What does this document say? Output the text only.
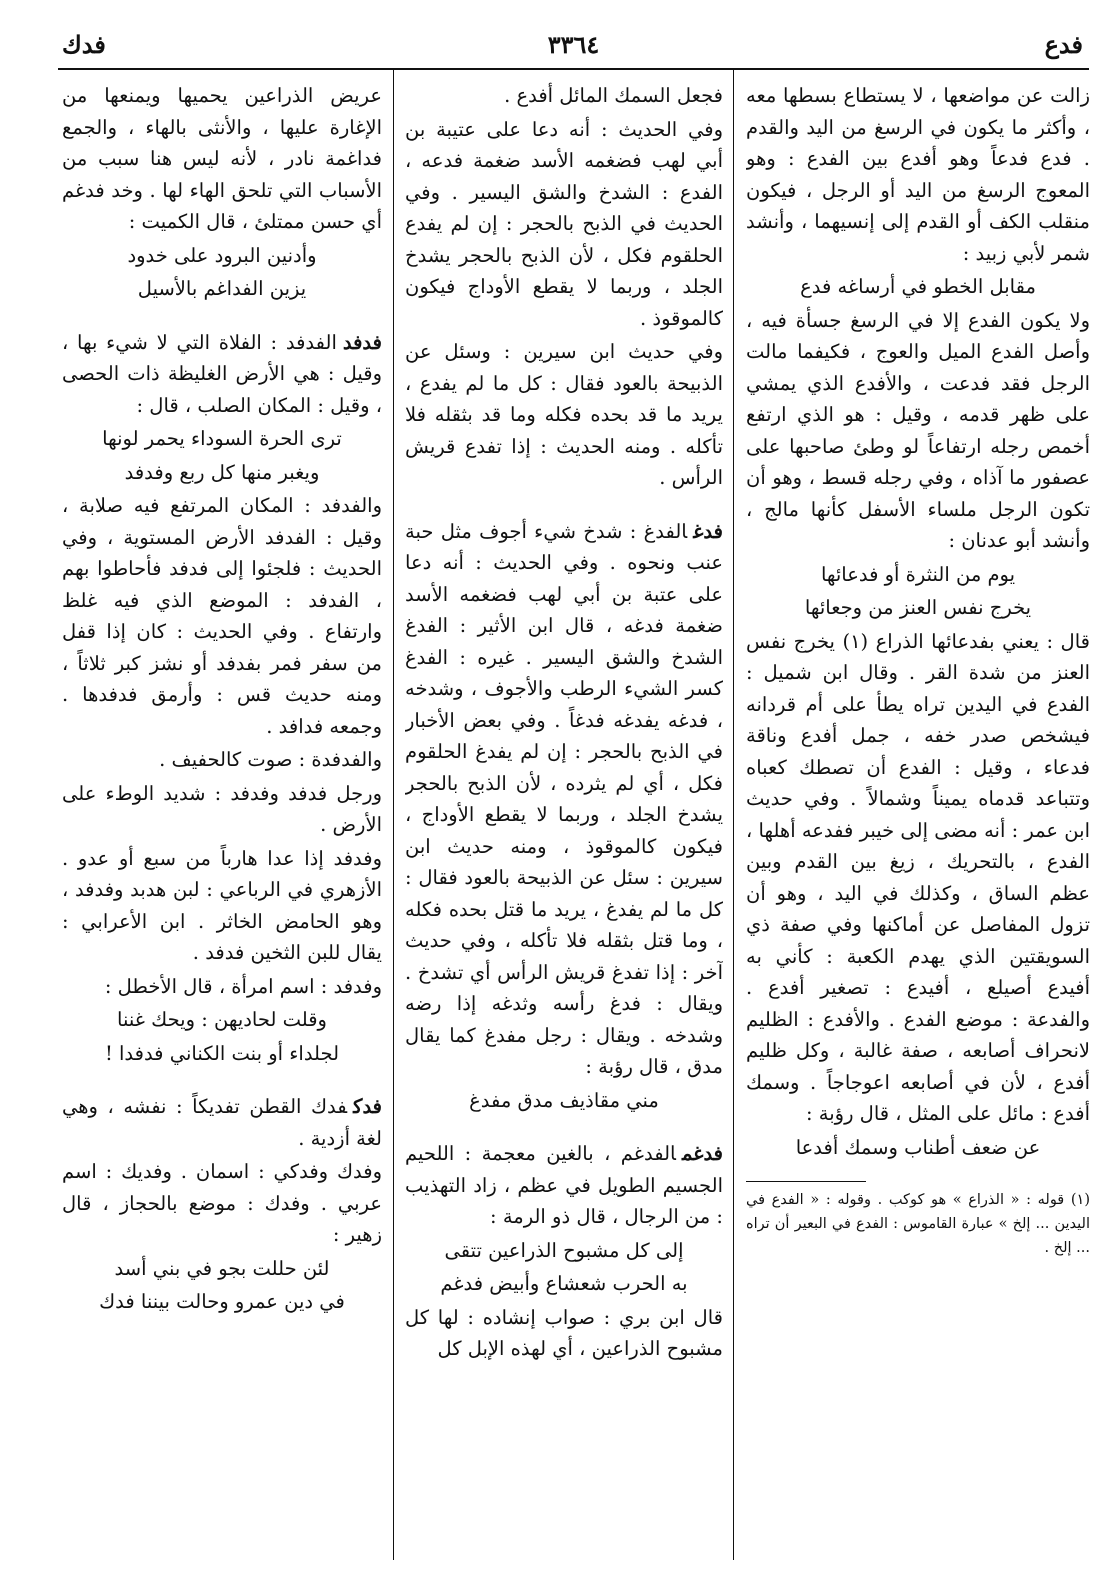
فدع
٣٣٦٤
فدك

زالت عن مواضعها ، لا يستطاع بسطها معه ، وأكثر ما يكون في الرسغ من اليد والقدم . فدع فدعاً وهو أفدع بين الفدع : وهو المعوج الرسغ من اليد أو الرجل ، فيكون منقلب الكف أو القدم إلى إنسيهما ، وأنشد شمر لأبي زبيد :

مقابل الخطو في أرساغه فدع

ولا يكون الفدع إلا في الرسغ جسأة فيه ، وأصل الفدع الميل والعوج ، فكيفما مالت الرجل فقد فدعت ، والأفدع الذي يمشي على ظهر قدمه ، وقيل : هو الذي ارتفع أخمص رجله ارتفاعاً لو وطئ صاحبها على عصفور ما آذاه ، وفي رجله قسط ، وهو أن تكون الرجل ملساء الأسفل كأنها مالج ، وأنشد أبو عدنان :

يوم من النثرة أو فدعائها

يخرج نفس العنز من وجعائها

قال : يعني بفدعائها الذراع (١) يخرج نفس العنز من شدة القر . وقال ابن شميل : الفدع في اليدين تراه يطأ على أم قردانه فيشخص صدر خفه ، جمل أفدع وناقة فدعاء ، وقيل : الفدع أن تصطك كعباه وتتباعد قدماه يميناً وشمالاً . وفي حديث ابن عمر : أنه مضى إلى خيبر ففدعه أهلها ، الفدع ، بالتحريك ، زيغ بين القدم وبين عظم الساق ، وكذلك في اليد ، وهو أن تزول المفاصل عن أماكنها وفي صفة ذي السويقتين الذي يهدم الكعبة : كأني به أفيدع أصيلع ، أفيدع : تصغير أفدع . والفدعة : موضع الفدع . والأفدع : الظليم لانحراف أصابعه ، صفة غالبة ، وكل ظليم أفدع ، لأن في أصابعه اعوجاجاً . وسمك أفدع : مائل على المثل ، قال رؤبة :

عن ضعف أطناب وسمك أفدعا

(١) قوله : « الذراع » هو كوكب . وقوله : « الفدع في اليدين ... إلخ » عبارة القاموس : الفدع في البعير أن تراه ... إلخ .

فجعل السمك المائل أفدع .

وفي الحديث : أنه دعا على عتيبة بن أبي لهب فضغمه الأسد ضغمة فدعه ، الفدع : الشدخ والشق اليسير . وفي الحديث في الذبح بالحجر : إن لم يفدع الحلقوم فكل ، لأن الذبح بالحجر يشدخ الجلد ، وربما لا يقطع الأوداج فيكون كالموقوذ .

وفي حديث ابن سيرين : وسئل عن الذبيحة بالعود فقال : كل ما لم يفدع ، يريد ما قد بحده فكله وما قد بثقله فلا تأكله . ومنه الحديث : إذا تفدع قريش الرأس .

فدغالفدغ : شدخ شيء أجوف مثل حبة عنب ونحوه . وفي الحديث : أنه دعا على عتبة بن أبي لهب فضغمه الأسد ضغمة فدغه ، قال ابن الأثير : الفدغ الشدخ والشق اليسير . غيره : الفدغ كسر الشيء الرطب والأجوف ، وشدخه ، فدغه يفدغه فدغاً . وفي بعض الأخبار في الذبح بالحجر : إن لم يفدغ الحلقوم فكل ، أي لم يثرده ، لأن الذبح بالحجر يشدخ الجلد ، وربما لا يقطع الأوداج ، فيكون كالموقوذ ، ومنه حديث ابن سيرين : سئل عن الذبيحة بالعود فقال : كل ما لم يفدغ ، يريد ما قتل بحده فكله ، وما قتل بثقله فلا تأكله ، وفي حديث آخر : إذا تفدغ قريش الرأس أي تشدخ . ويقال : فدغ رأسه وثدغه إذا رضه وشدخه . ويقال : رجل مفدغ كما يقال مدق ، قال رؤبة :

مني مقاذيف مدق مفدغ

فدغمالفدغم ، بالغين معجمة : اللحيم الجسيم الطويل في عظم ، زاد التهذيب : من الرجال ، قال ذو الرمة :

إلى كل مشبوح الذراعين تتقى

به الحرب شعشاع وأبيض فدغم

قال ابن بري : صواب إنشاده : لها كل مشبوح الذراعين ، أي لهذه الإبل كل

عريض الذراعين يحميها ويمنعها من الإغارة عليها ، والأنثى بالهاء ، والجمع فداغمة نادر ، لأنه ليس هنا سبب من الأسباب التي تلحق الهاء لها . وخد فدغم أي حسن ممتلئ ، قال الكميت :

وأدنين البرود على خدود

يزين الفداغم بالأسيل

فدفدالفدفد : الفلاة التي لا شيء بها ، وقيل : هي الأرض الغليظة ذات الحصى ، وقيل : المكان الصلب ، قال :

ترى الحرة السوداء يحمر لونها

ويغبر منها كل ربع وفدفد

والفدفد : المكان المرتفع فيه صلابة ، وقيل : الفدفد الأرض المستوية ، وفي الحديث : فلجئوا إلى فدفد فأحاطوا بهم ، الفدفد : الموضع الذي فيه غلظ وارتفاع . وفي الحديث : كان إذا قفل من سفر فمر بفدفد أو نشز كبر ثلاثاً ، ومنه حديث قس : وأرمق فدفدها . وجمعه فدافد .

والفدفدة : صوت كالحفيف .

ورجل فدفد وفدفد : شديد الوطء على الأرض .

وفدفد إذا عدا هارباً من سبع أو عدو . الأزهري في الرباعي : لبن هدبد وفدفد ، وهو الحامض الخاثر . ابن الأعرابي : يقال للبن الثخين فدفد .

وفدفد : اسم امرأة ، قال الأخطل :

وقلت لحاديهن : ويحك غننا

لجلداء أو بنت الكناني فدفدا !

فدكفدك القطن تفديكاً : نفشه ، وهي لغة أزدية .

وفدك وفدكي : اسمان . وفديك : اسم عربي . وفدك : موضع بالحجاز ، قال زهير :

لئن حللت بجو في بني أسد

في دين عمرو وحالت بيننا فدك
